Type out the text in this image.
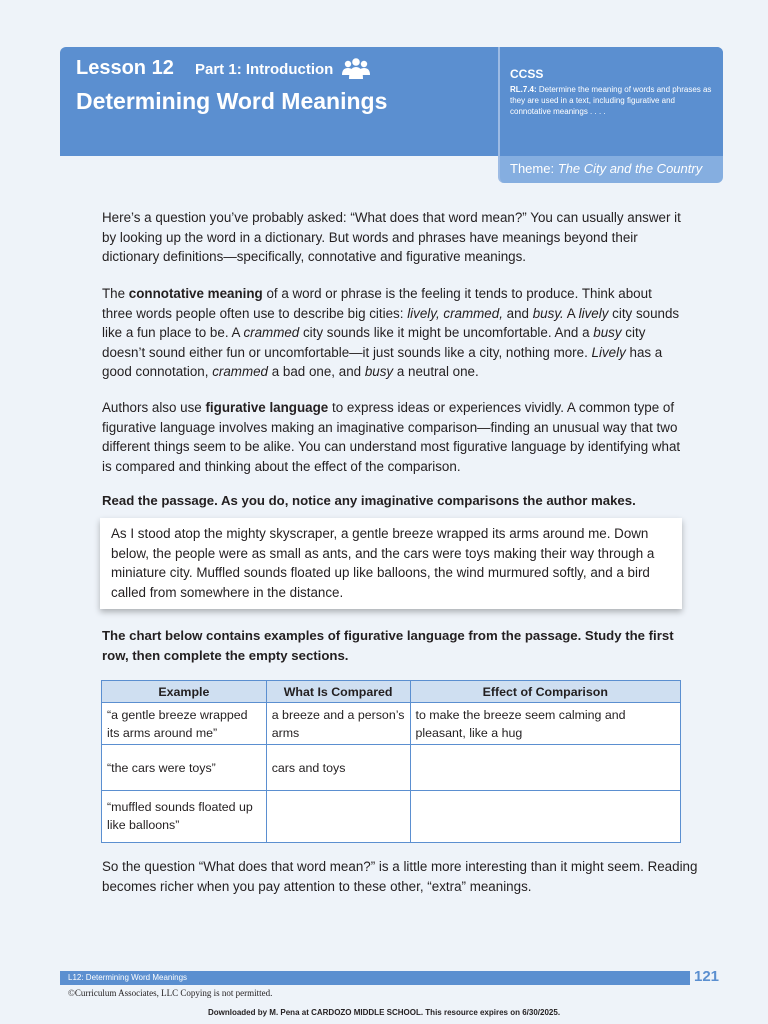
Lesson 12 Part 1: Introduction
Determining Word Meanings
CCSS
RL.7.4: Determine the meaning of words and phrases as they are used in a text, including figurative and connotative meanings . . . .
Theme: The City and the Country
Here’s a question you’ve probably asked: “What does that word mean?” You can usually answer it by looking up the word in a dictionary. But words and phrases have meanings beyond their dictionary definitions—specifically, connotative and figurative meanings.
The connotative meaning of a word or phrase is the feeling it tends to produce. Think about three words people often use to describe big cities: lively, crammed, and busy. A lively city sounds like a fun place to be. A crammed city sounds like it might be uncomfortable. And a busy city doesn’t sound either fun or uncomfortable—it just sounds like a city, nothing more. Lively has a good connotation, crammed a bad one, and busy a neutral one.
Authors also use figurative language to express ideas or experiences vividly. A common type of figurative language involves making an imaginative comparison—finding an unusual way that two different things seem to be alike. You can understand most figurative language by identifying what is compared and thinking about the effect of the comparison.
Read the passage. As you do, notice any imaginative comparisons the author makes.
As I stood atop the mighty skyscraper, a gentle breeze wrapped its arms around me. Down below, the people were as small as ants, and the cars were toys making their way through a miniature city. Muffled sounds floated up like balloons, the wind murmured softly, and a bird called from somewhere in the distance.
The chart below contains examples of figurative language from the passage. Study the first row, then complete the empty sections.
Example	What Is Compared	Effect of Comparison
“a gentle breeze wrapped its arms around me”	a breeze and a person’s arms	to make the breeze seem calming and pleasant, like a hug
“the cars were toys”	cars and toys	
“muffled sounds floated up like balloons”		
So the question “What does that word mean?” is a little more interesting than it might seem. Reading becomes richer when you pay attention to these other, “extra” meanings.
L12: Determining Word Meanings	121
©Curriculum Associates, LLC Copying is not permitted.
Downloaded by M. Pena at CARDOZO MIDDLE SCHOOL. This resource expires on 6/30/2025.
